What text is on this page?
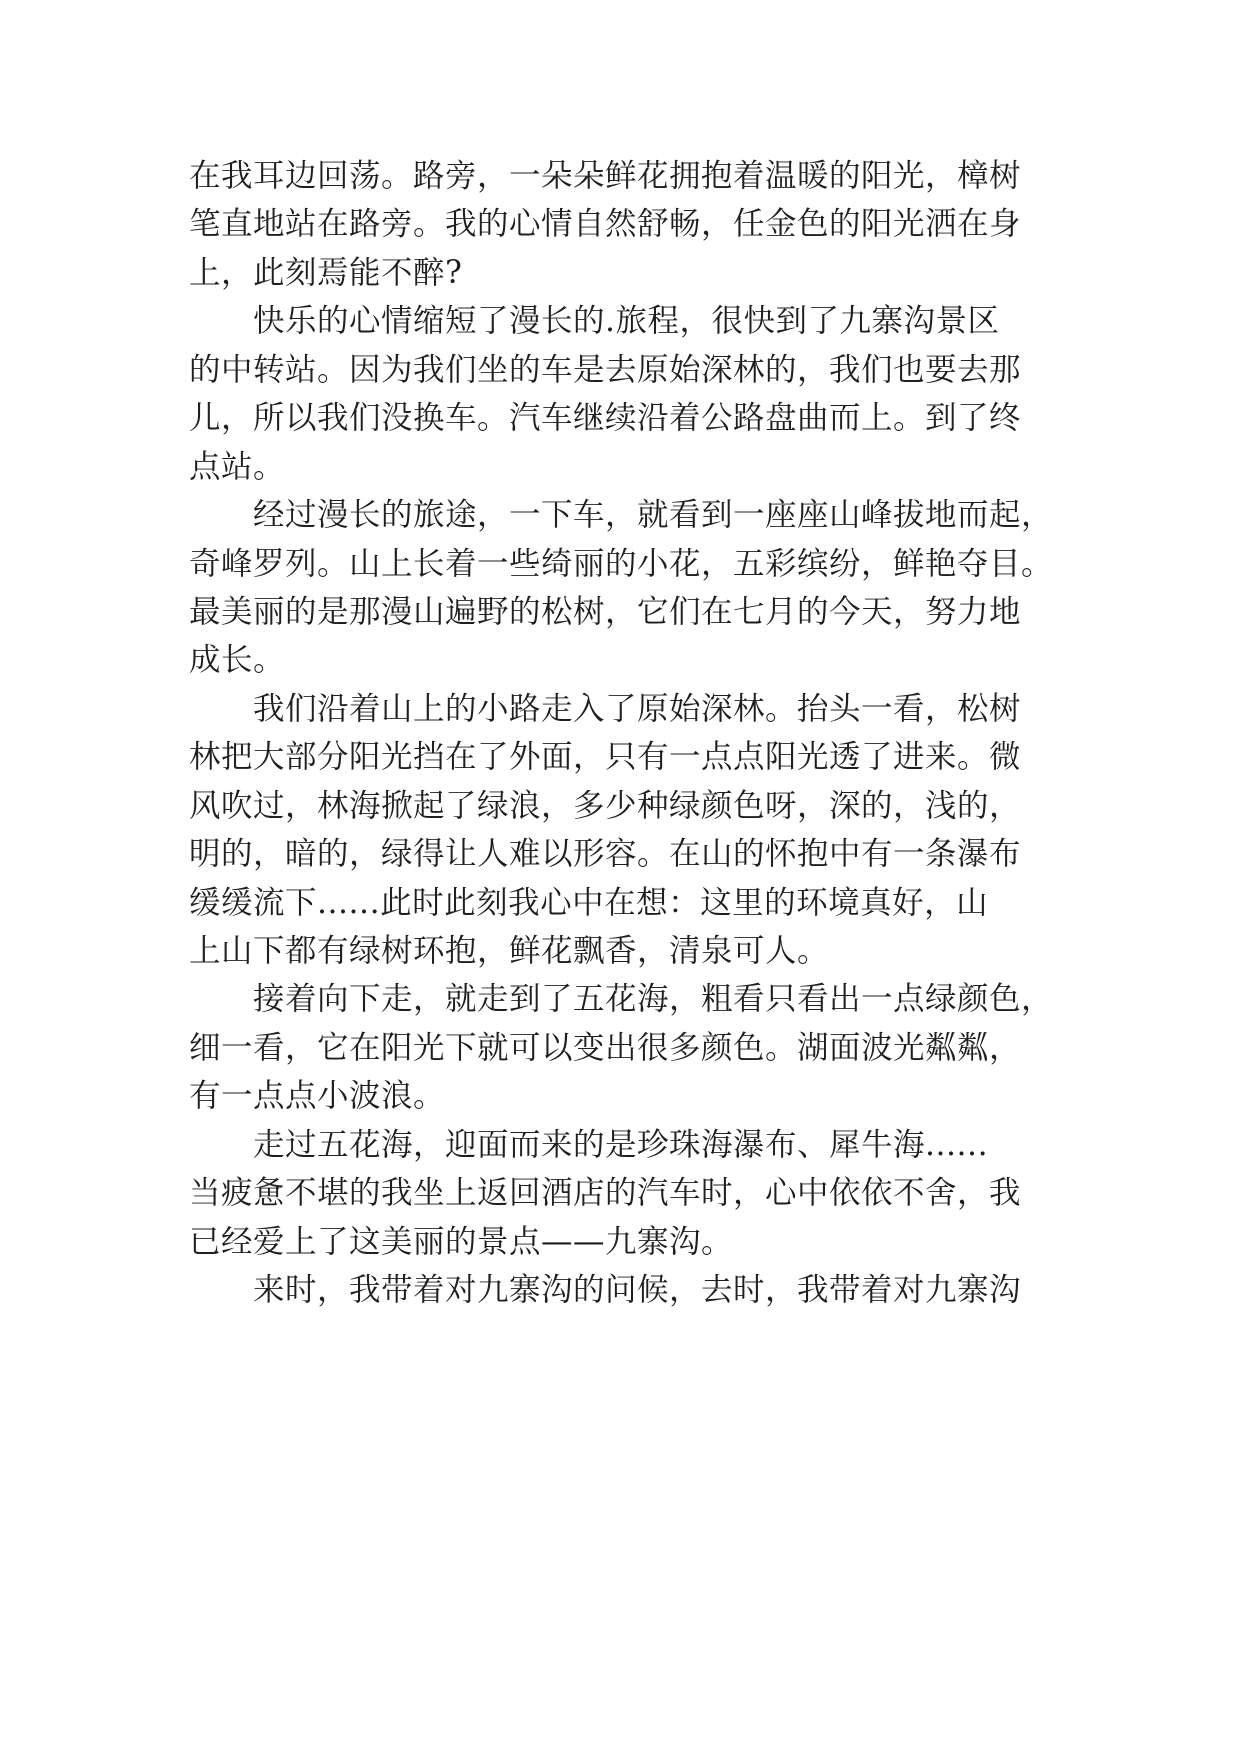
在我耳边回荡。路旁，一朵朵鲜花拥抱着温暖的阳光，樟树
笔直地站在路旁。我的心情自然舒畅，任金色的阳光洒在身
上，此刻焉能不醉?
　　快乐的心情缩短了漫长的.旅程，很快到了九寨沟景区
的中转站。因为我们坐的车是去原始深林的，我们也要去那
儿，所以我们没换车。汽车继续沿着公路盘曲而上。到了终
点站。
　　经过漫长的旅途，一下车，就看到一座座山峰拔地而起，
奇峰罗列。山上长着一些绮丽的小花，五彩缤纷，鲜艳夺目。
最美丽的是那漫山遍野的松树，它们在七月的今天，努力地
成长。
　　我们沿着山上的小路走入了原始深林。抬头一看，松树
林把大部分阳光挡在了外面，只有一点点阳光透了进来。微
风吹过，林海掀起了绿浪，多少种绿颜色呀，深的，浅的，
明的，暗的，绿得让人难以形容。在山的怀抱中有一条瀑布
缓缓流下......此时此刻我心中在想：这里的环境真好，山
上山下都有绿树环抱，鲜花飘香，清泉可人。
　　接着向下走，就走到了五花海，粗看只看出一点绿颜色，
细一看，它在阳光下就可以变出很多颜色。湖面波光粼粼，
有一点点小波浪。
　　走过五花海，迎面而来的是珍珠海瀑布、犀牛海......
当疲惫不堪的我坐上返回酒店的汽车时，心中依依不舍，我
已经爱上了这美丽的景点——九寨沟。
　　来时，我带着对九寨沟的问候，去时，我带着对九寨沟
